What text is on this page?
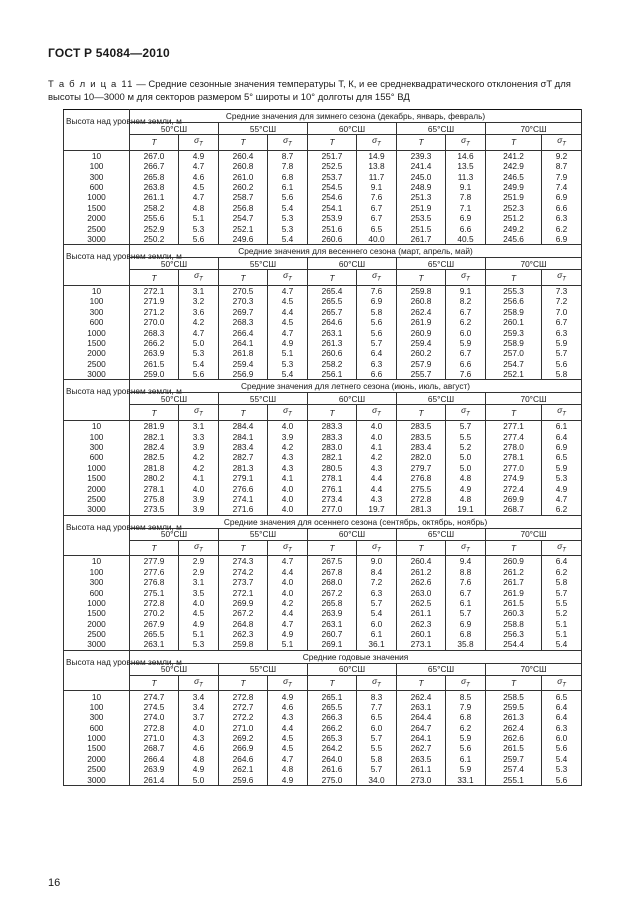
ГОСТ Р 54084—2010
Т а б л и ц а 11 — Средние сезонные значения температуры T, К, и ее среднеквадратического отклонения σT для высоты 10—3000 м для секторов размером 5° широты и 10° долготы для 155° ВД
Высота над уровнем земли, м	Средние значения для зимнего сезона (декабрь, январь, февраль)									
	50°СШ		55°СШ		60°СШ		65°СШ		70°СШ	
	T	$\sigma_T$	T	$\sigma_T$	T	$\sigma_T$	T	$\sigma_T$	T	$\sigma_T$
10	267.0	4.9	260.4	8.7	251.7	14.9	239.3	14.6	241.2	9.2
100	266.7	4.7	260.8	7.8	252.5	13.8	241.4	13.5	242.9	8.7
300	265.8	4.6	261.0	6.8	253.7	11.7	245.0	11.3	246.5	7.9
600	263.8	4.5	260.2	6.1	254.5	9.1	248.9	9.1	249.9	7.4
1000	261.1	4.7	258.7	5.6	254.6	7.6	251.3	7.8	251.9	6.9
1500	258.2	4.8	256.8	5.4	254.1	6.7	251.9	7.1	252.3	6.6
2000	255.6	5.1	254.7	5.3	253.9	6.7	253.5	6.9	251.2	6.3
2500	252.9	5.3	252.1	5.3	251.6	6.5	251.5	6.6	249.2	6.2
3000	250.2	5.6	249.6	5.4	260.6	40.0	261.7	40.5	245.6	6.9
Высота над уровнем земли, м	Средние значения для весеннего сезона (март, апрель, май)									
	50°СШ		55°СШ		60°СШ		65°СШ		70°СШ	
	T	$\sigma_T$	T	$\sigma_T$	T	$\sigma_T$	T	$\sigma_T$	T	$\sigma_T$
10	272.1	3.1	270.5	4.7	265.4	7.6	259.8	9.1	255.3	7.3
100	271.9	3.2	270.3	4.5	265.5	6.9	260.8	8.2	256.6	7.2
300	271.2	3.6	269.7	4.4	265.7	5.8	262.4	6.7	258.9	7.0
600	270.0	4.2	268.3	4.5	264.6	5.6	261.9	6.2	260.1	6.7
1000	268.3	4.7	266.4	4.7	263.1	5.6	260.9	6.0	259.3	6.3
1500	266.2	5.0	264.1	4.9	261.3	5.7	259.4	5.9	258.9	5.9
2000	263.9	5.3	261.8	5.1	260.6	6.4	260.2	6.7	257.0	5.7
2500	261.5	5.4	259.4	5.3	258.2	6.3	257.9	6.6	254.7	5.6
3000	259.0	5.6	256.9	5.4	256.1	6.6	255.7	7.6	252.1	5.8
Высота над уровнем земли, м	Средние значения для летнего сезона (июнь, июль, август)									
	50°СШ		55°СШ		60°СШ		65°СШ		70°СШ	
	T	$\sigma_T$	T	$\sigma_T$	T	$\sigma_T$	T	$\sigma_T$	T	$\sigma_T$
10	281.9	3.1	284.4	4.0	283.3	4.0	283.5	5.7	277.1	6.1
100	282.1	3.3	284.1	3.9	283.3	4.0	283.5	5.5	277.4	6.4
300	282.4	3.9	283.4	4.2	283.0	4.1	283.4	5.2	278.0	6.9
600	282.5	4.2	282.7	4.3	282.1	4.2	282.0	5.0	278.1	6.5
1000	281.8	4.2	281.3	4.3	280.5	4.3	279.7	5.0	277.0	5.9
1500	280.2	4.1	279.1	4.1	278.1	4.4	276.8	4.8	274.9	5.3
2000	278.1	4.0	276.6	4.0	276.1	4.4	275.5	4.9	272.4	4.9
2500	275.8	3.9	274.1	4.0	273.4	4.3	272.8	4.8	269.9	4.7
3000	273.5	3.9	271.6	4.0	277.0	19.7	281.3	19.1	268.7	6.2
Высота над уровнем земли, м	Средние значения для осеннего сезона (сентябрь, октябрь, ноябрь)									
	50°СШ		55°СШ		60°СШ		65°СШ		70°СШ	
	T	$\sigma_T$	T	$\sigma_T$	T	$\sigma_T$	T	$\sigma_T$	T	$\sigma_T$
10	277.9	2.9	274.3	4.7	267.5	9.0	260.4	9.4	260.9	6.4
100	277.6	2.9	274.2	4.4	267.8	8.4	261.2	8.8	261.2	6.2
300	276.8	3.1	273.7	4.0	268.0	7.2	262.6	7.6	261.7	5.8
600	275.1	3.5	272.1	4.0	267.2	6.3	263.0	6.7	261.9	5.7
1000	272.8	4.0	269.9	4.2	265.8	5.7	262.5	6.1	261.5	5.5
1500	270.2	4.5	267.2	4.4	263.9	5.4	261.1	5.7	260.3	5.2
2000	267.9	4.9	264.8	4.7	263.1	6.0	262.3	6.9	258.8	5.1
2500	265.5	5.1	262.3	4.9	260.7	6.1	260.1	6.8	256.3	5.1
3000	263.1	5.3	259.8	5.1	269.1	36.1	273.1	35.8	254.4	5.4
Высота над уровнем земли, м	Средние годовые значения									
	50°СШ		55°СШ		60°СШ		65°СШ		70°СШ	
	T	$\sigma_T$	T	$\sigma_T$	T	$\sigma_T$	T	$\sigma_T$	T	$\sigma_T$
10	274.7	3.4	272.8	4.9	265.1	8.3	262.4	8.5	258.5	6.5
100	274.5	3.4	272.7	4.6	265.5	7.7	263.1	7.9	259.5	6.4
300	274.0	3.7	272.2	4.3	266.3	6.5	264.4	6.8	261.3	6.4
600	272.8	4.0	271.0	4.4	266.2	6.0	264.7	6.2	262.4	6.3
1000	271.0	4.3	269.2	4.5	265.3	5.7	264.1	5.9	262.6	6.0
1500	268.7	4.6	266.9	4.5	264.2	5.5	262.7	5.6	261.5	5.6
2000	266.4	4.8	264.6	4.7	264.0	5.8	263.5	6.1	259.7	5.4
2500	263.9	4.9	262.1	4.8	261.6	5.7	261.1	5.9	257.4	5.3
3000	261.4	5.0	259.6	4.9	275.0	34.0	273.0	33.1	255.1	5.6
16
